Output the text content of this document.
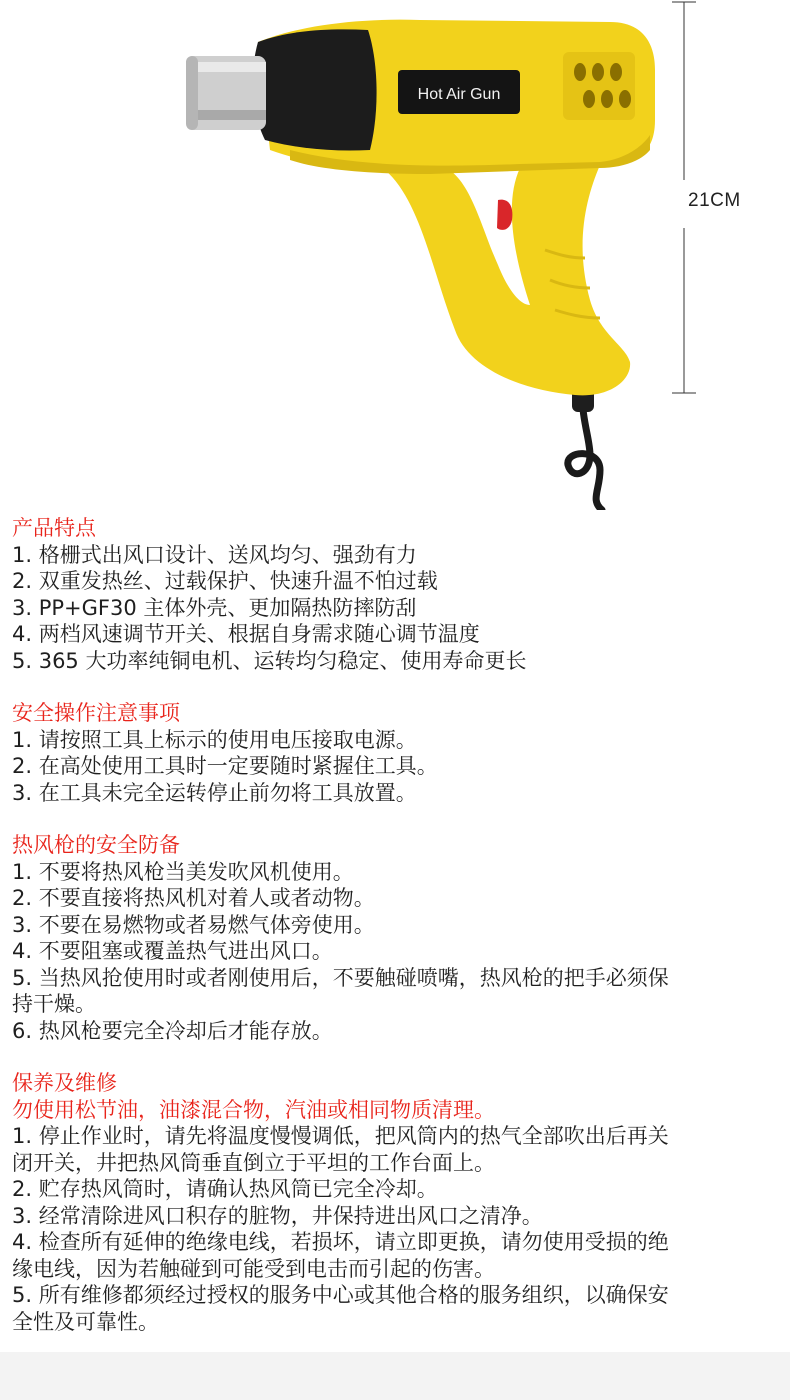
Hot Air Gun
21CM
产品特点
1. 格栅式出风口设计、送风均匀、强劲有力
2. 双重发热丝、过载保护、快速升温不怕过载
3. PP+GF30 主体外壳、更加隔热防摔防刮
4. 两档风速调节开关、根据自身需求随心调节温度
5. 365 大功率纯铜电机、运转均匀稳定、使用寿命更长
安全操作注意事项
1. 请按照工具上标示的使用电压接取电源。
2. 在高处使用工具时一定要随时紧握住工具。
3. 在工具未完全运转停止前勿将工具放置。
热风枪的安全防备
1. 不要将热风枪当美发吹风机使用。
2. 不要直接将热风机对着人或者动物。
3. 不要在易燃物或者易燃气体旁使用。
4. 不要阻塞或覆盖热气进出风口。
5. 当热风抢使用时或者刚使用后，不要触碰喷嘴，热风枪的把手必须保
持干燥。
6. 热风枪要完全冷却后才能存放。
保养及维修
勿使用松节油，油漆混合物，汽油或相同物质清理。
1. 停止作业时，请先将温度慢慢调低，把风筒内的热气全部吹出后再关
闭开关，井把热风筒垂直倒立于平坦的工作台面上。
2. 贮存热风筒时，请确认热风筒已完全冷却。
3. 经常清除进风口积存的脏物，井保持进出风口之清净。
4. 检查所有延伸的绝缘电线，若损坏，请立即更换，请勿使用受损的绝
缘电线，因为若触碰到可能受到电击而引起的伤害。
5. 所有维修都须经过授权的服务中心或其他合格的服务组织，以确保安
全性及可靠性。
